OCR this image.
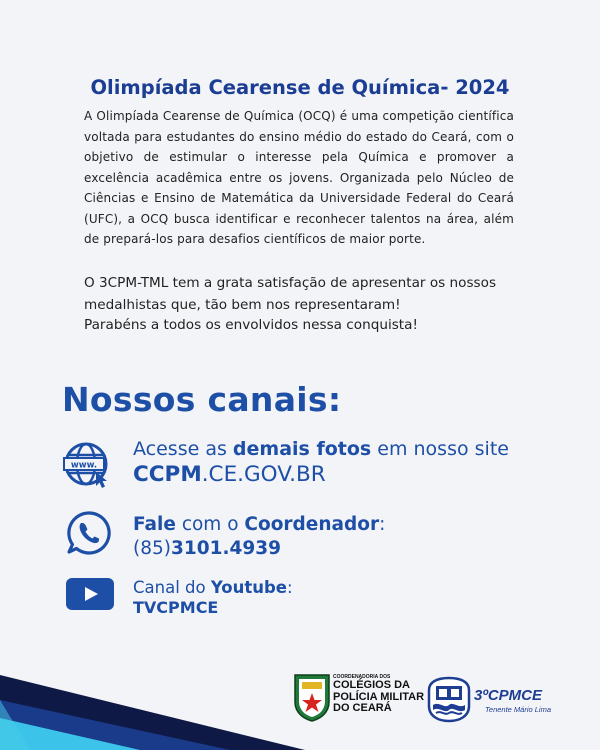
Olimpíada Cearense de Química- 2024
A Olimpíada Cearense de Química (OCQ) é uma competição científica voltada para estudantes do ensino médio do estado do Ceará, com o objetivo de estimular o interesse pela Química e promover a excelência acadêmica entre os jovens. Organizada pelo Núcleo de Ciências e Ensino de Matemática da Universidade Federal do Ceará (UFC), a OCQ busca identificar e reconhecer talentos na área, além de prepará-los para desafios científicos de maior porte.
O 3CPM-TML tem a grata satisfação de apresentar os nossos medalhistas que, tão bem nos representaram!
Parabéns a todos os envolvidos nessa conquista!
Nossos canais:
www.
Acesse as demais fotos em nosso site
CCPM.CE.GOV.BR
Fale com o Coordenador:
(85)3101.4939
Canal do Youtube:
TVCPMCE
COORDENADORIA DOS
COLÉGIOS DA
POLÍCIA MILITAR
DO CEARÁ
3ºCPMCE
Tenente Mário Lima
